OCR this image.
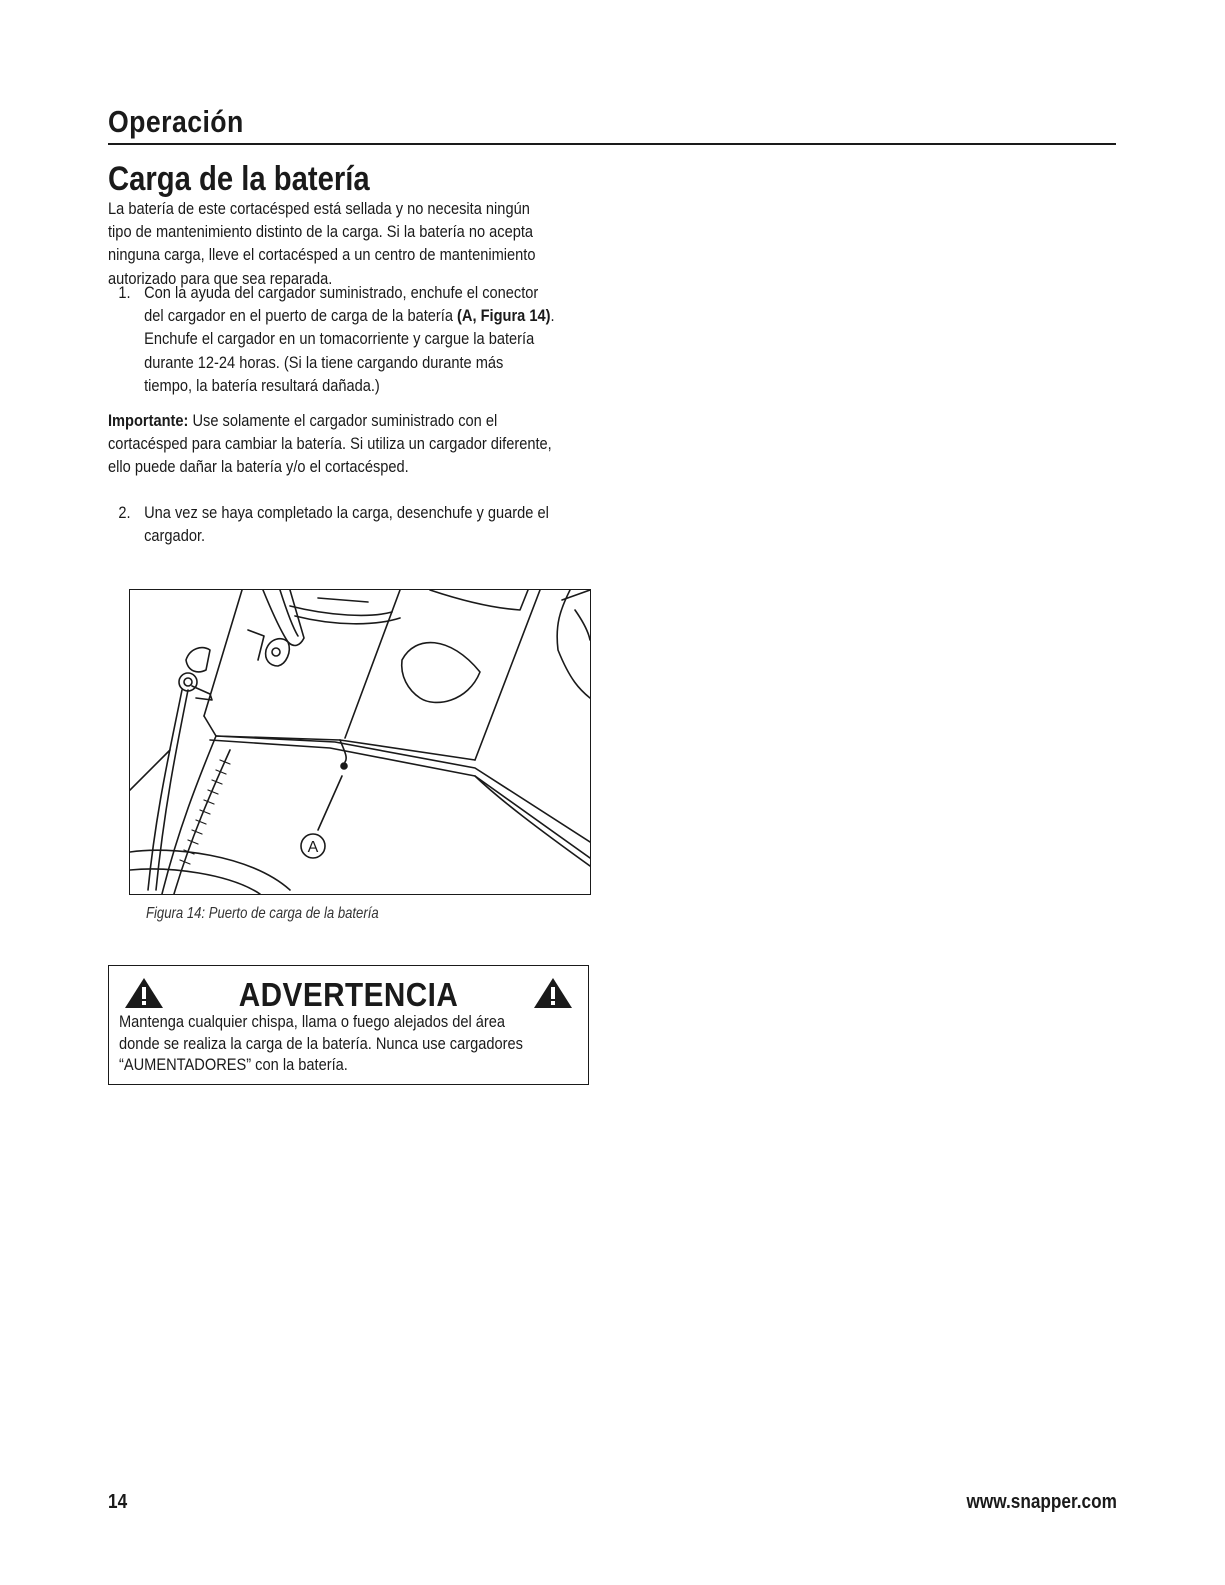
Operación
Carga de la batería
La batería de este cortacésped está sellada y no necesita ningún
tipo de mantenimiento distinto de la carga. Si la batería no acepta
ninguna carga, lleve el cortacésped a un centro de mantenimiento
autorizado para que sea reparada.
1. Con la ayuda del cargador suministrado, enchufe el conector
del cargador en el puerto de carga de la batería (A, Figura 14).
Enchufe el cargador en un tomacorriente y cargue la batería
durante 12-24 horas. (Si la tiene cargando durante más
tiempo, la batería resultará dañada.)
Importante: Use solamente el cargador suministrado con el
cortacésped para cambiar la batería. Si utiliza un cargador diferente,
ello puede dañar la batería y/o el cortacésped.
2. Una vez se haya completado la carga, desenchufe y guarde el
cargador.
A
Figura 14: Puerto de carga de la batería
ADVERTENCIA
Mantenga cualquier chispa, llama o fuego alejados del área
donde se realiza la carga de la batería. Nunca use cargadores
“AUMENTADORES” con la batería.
14	www.snapper.com
